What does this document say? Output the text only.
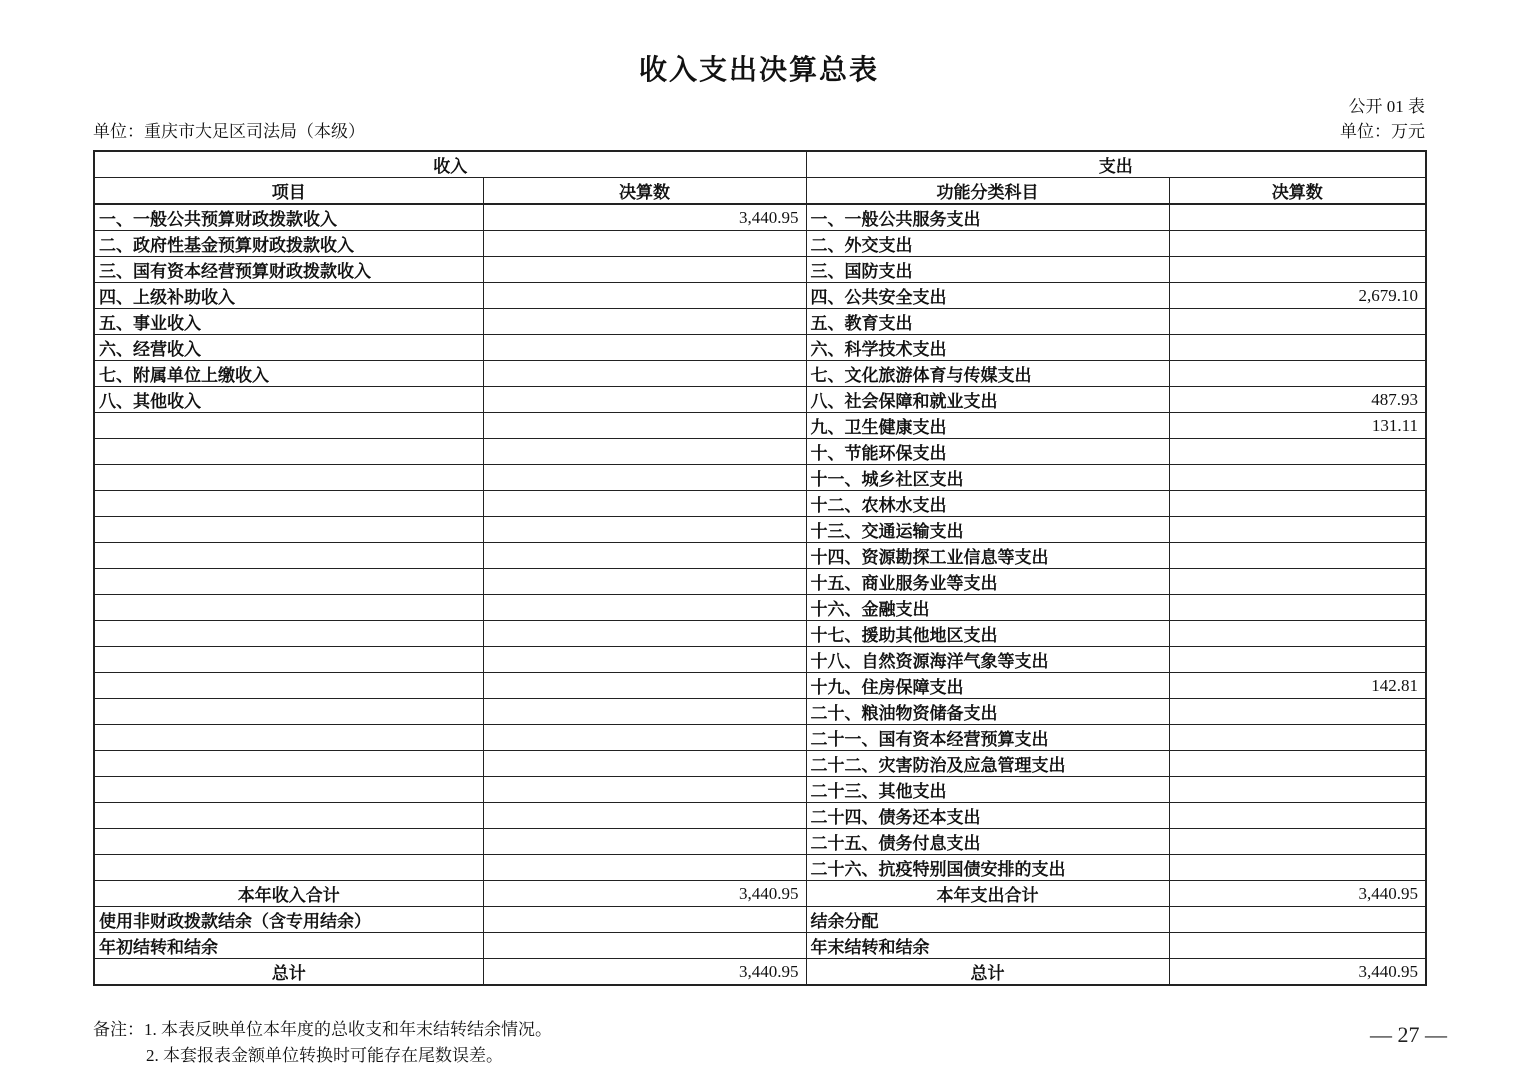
收入支出决算总表
公开 01 表
单位：重庆市大足区司法局（本级）	单位：万元
收入		支出	
项目	决算数	功能分类科目	决算数
一、一般公共预算财政拨款收入	3,440.95	一、一般公共服务支出	
二、政府性基金预算财政拨款收入		二、外交支出	
三、国有资本经营预算财政拨款收入		三、国防支出	
四、上级补助收入		四、公共安全支出	2,679.10
五、事业收入		五、教育支出	
六、经营收入		六、科学技术支出	
七、附属单位上缴收入		七、文化旅游体育与传媒支出	
八、其他收入		八、社会保障和就业支出	487.93
		九、卫生健康支出	131.11
		十、节能环保支出	
		十一、城乡社区支出	
		十二、农林水支出	
		十三、交通运输支出	
		十四、资源勘探工业信息等支出	
		十五、商业服务业等支出	
		十六、金融支出	
		十七、援助其他地区支出	
		十八、自然资源海洋气象等支出	
		十九、住房保障支出	142.81
		二十、粮油物资储备支出	
		二十一、国有资本经营预算支出	
		二十二、灾害防治及应急管理支出	
		二十三、其他支出	
		二十四、债务还本支出	
		二十五、债务付息支出	
		二十六、抗疫特别国债安排的支出	
本年收入合计	3,440.95	本年支出合计	3,440.95
使用非财政拨款结余（含专用结余）		结余分配	
年初结转和结余		年末结转和结余	
总计	3,440.95	总计	3,440.95
备注：1. 本表反映单位本年度的总收支和年末结转结余情况。
2. 本套报表金额单位转换时可能存在尾数误差。
— 27 —
